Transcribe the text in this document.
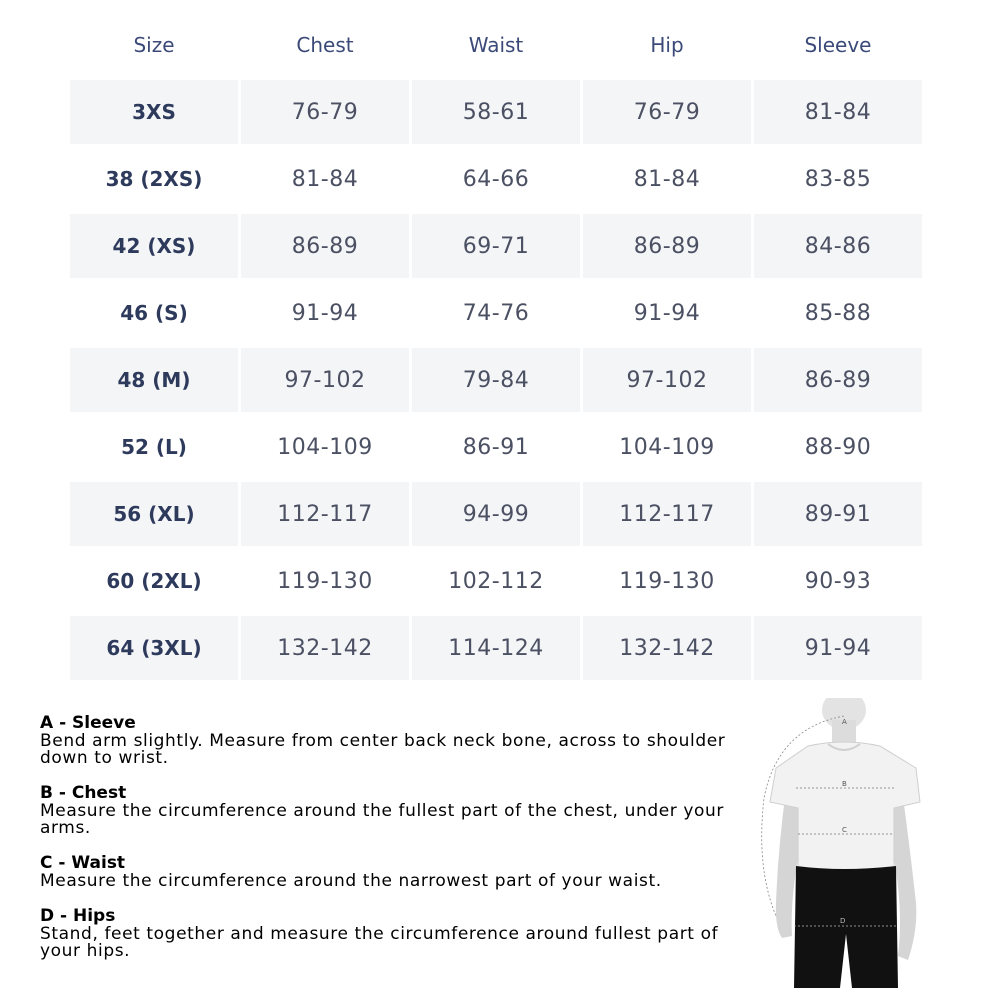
Size	Chest	Waist	Hip	Sleeve
3XS	76-79	58-61	76-79	81-84
38 (2XS)	81-84	64-66	81-84	83-85
42 (XS)	86-89	69-71	86-89	84-86
46 (S)	91-94	74-76	91-94	85-88
48 (M)	97-102	79-84	97-102	86-89
52 (L)	104-109	86-91	104-109	88-90
56 (XL)	112-117	94-99	112-117	89-91
60 (2XL)	119-130	102-112	119-130	90-93
64 (3XL)	132-142	114-124	132-142	91-94
A - Sleeve
Bend arm slightly. Measure from center back neck bone, across to shoulder down to wrist.
B - Chest
Measure the circumference around the fullest part of the chest, under your arms.
C - Waist
Measure the circumference around the narrowest part of your waist.
D - Hips
Stand, feet together and measure the circumference around fullest part of your hips.
A
B
C
D
